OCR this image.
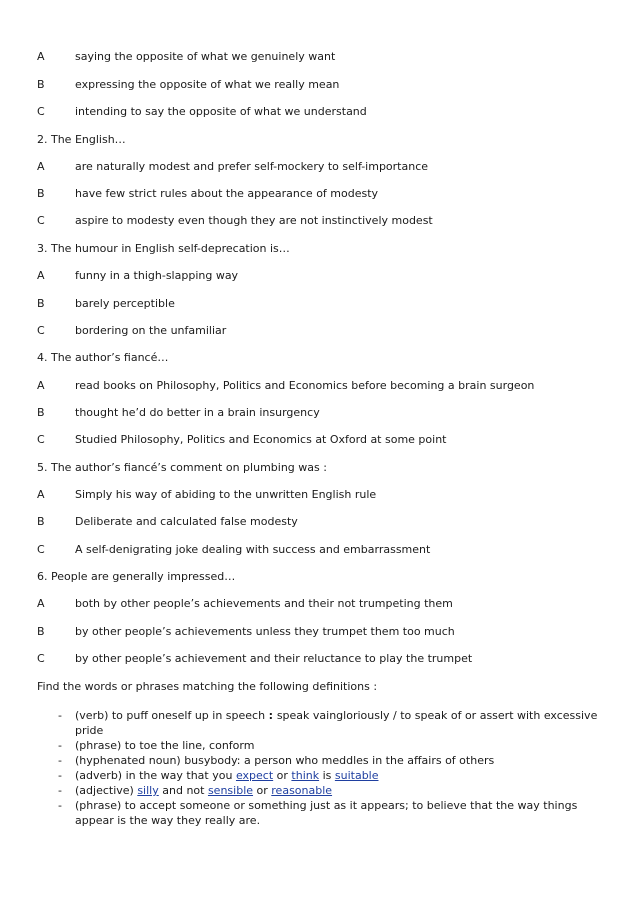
A	saying the opposite of what we genuinely want
B	expressing the opposite of what we really mean
C	intending to say the opposite of what we understand
2. The English…
A	are naturally modest and prefer self-mockery to self-importance
B	have few strict rules about the appearance of modesty
C	aspire to modesty even though they are not instinctively modest
3. The humour in English self-deprecation is…
A	funny in a thigh-slapping way
B	barely perceptible
C	bordering on the unfamiliar
4. The author’s fiancé…
A	read books on Philosophy, Politics and Economics before becoming a brain surgeon
B	thought he’d do better in a brain insurgency
C	Studied Philosophy, Politics and Economics at Oxford at some point
5. The author’s fiancé’s comment on plumbing was :
A	Simply his way of abiding to the unwritten English rule
B	Deliberate and calculated false modesty
C	A self-denigrating joke dealing with success and embarrassment
6. People are generally impressed…
A	both by other people’s achievements and their not trumpeting them
B	by other people’s achievements unless they trumpet them too much
C	by other people’s achievement and their reluctance to play the trumpet
Find the words or phrases matching the following definitions :
- (verb) to puff oneself up in speech : speak vaingloriously / to speak of or assert with excessive pride
- (phrase) to toe the line, conform
- (hyphenated noun) busybody: a person who meddles in the affairs of others
- (adverb) in the way that you expect or think is suitable
- (adjective) silly and not sensible or reasonable
- (phrase) to accept someone or something just as it appears; to believe that the way things appear is the way they really are.
